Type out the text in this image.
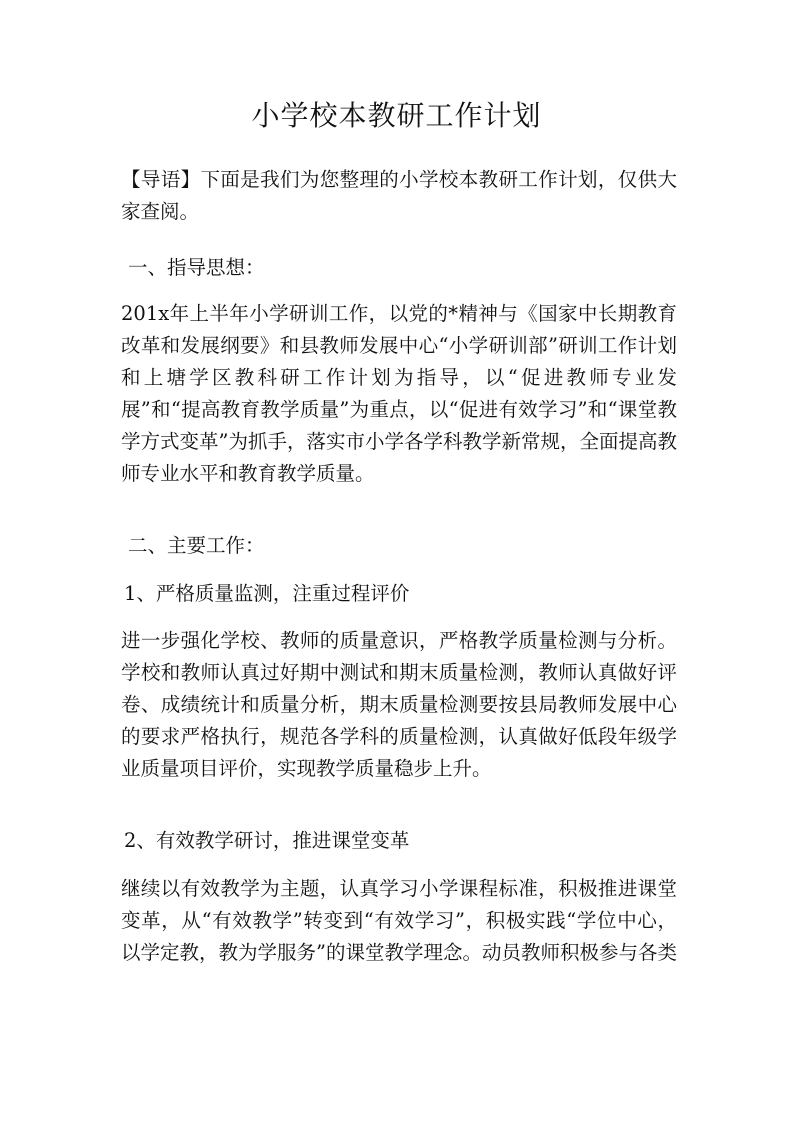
小学校本教研工作计划

【导语】下面是我们为您整理的小学校本教研工作计划，仅供大家查阅。

一、指导思想：

201x年上半年小学研训工作，以党的*精神与《国家中长期教育改革和发展纲要》和县教师发展中心“小学研训部”研训工作计划和上塘学区教科研工作计划为指导，以“促进教师专业发展”和“提高教育教学质量”为重点，以“促进有效学习”和“课堂教学方式变革”为抓手，落实市小学各学科教学新常规，全面提高教师专业水平和教育教学质量。

二、主要工作：

1、严格质量监测，注重过程评价

进一步强化学校、教师的质量意识，严格教学质量检测与分析。学校和教师认真过好期中测试和期末质量检测，教师认真做好评卷、成绩统计和质量分析，期末质量检测要按县局教师发展中心的要求严格执行，规范各学科的质量检测，认真做好低段年级学业质量项目评价，实现教学质量稳步上升。

2、有效教学研讨，推进课堂变革

继续以有效教学为主题，认真学习小学课程标准，积极推进课堂变革，从“有效教学”转变到“有效学习”，积极实践“学位中心，以学定教，教为学服务”的课堂教学理念。动员教师积极参与各类
